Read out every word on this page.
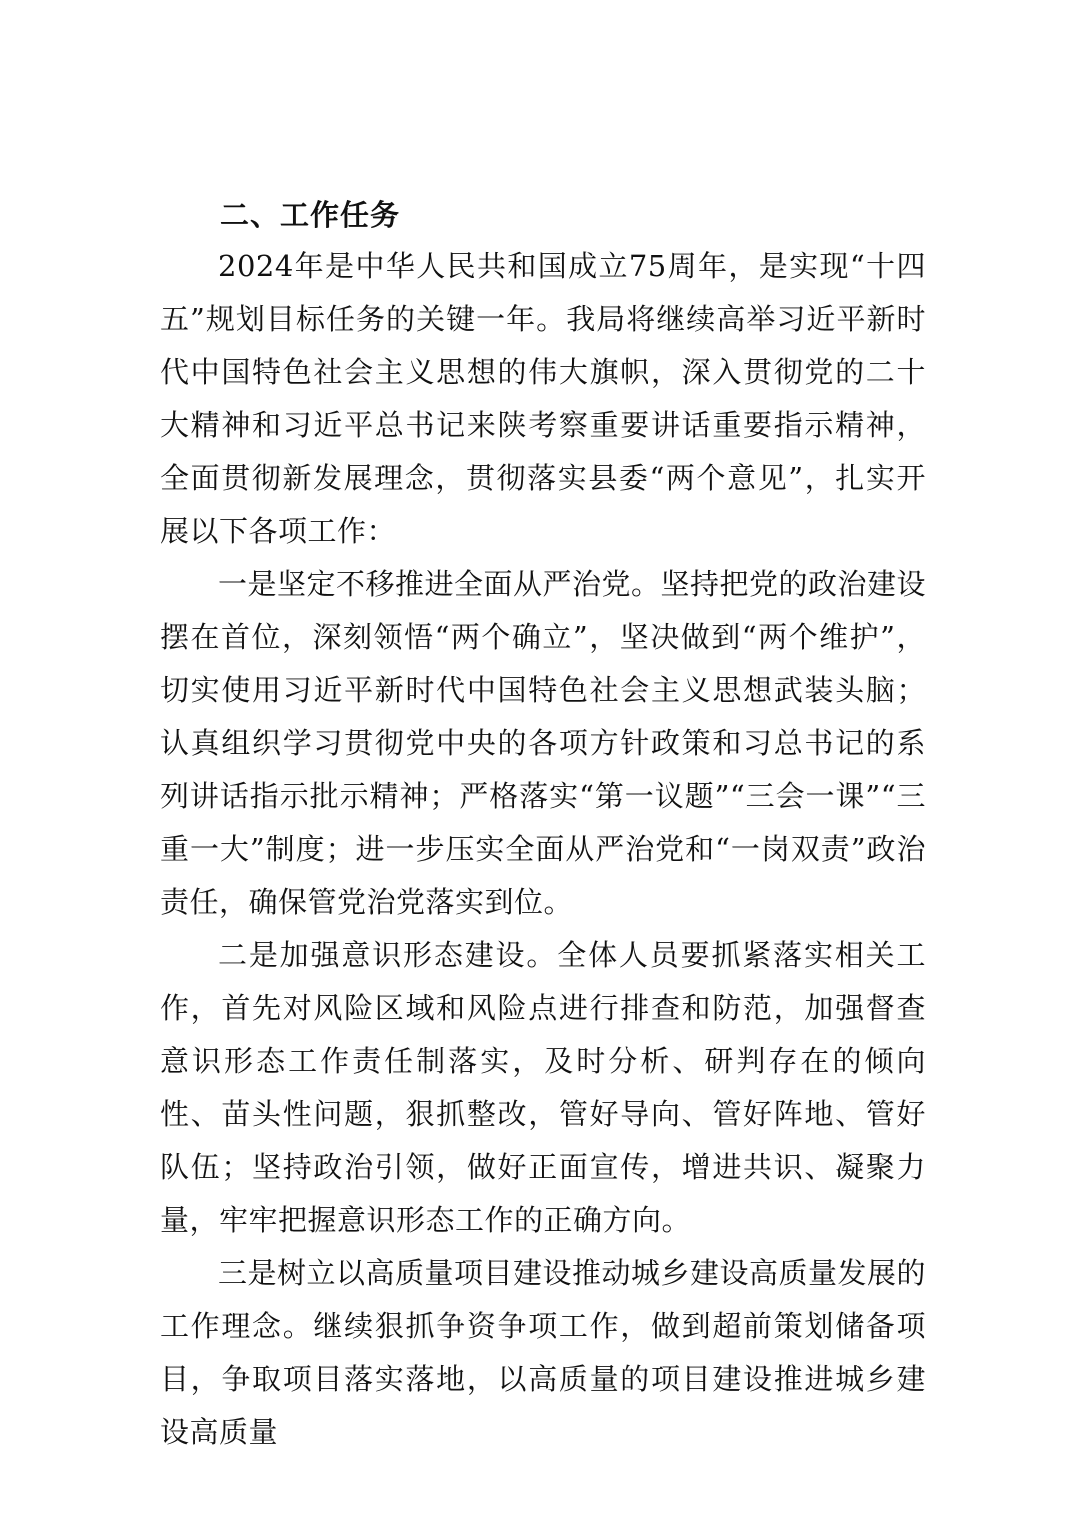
二、工作任务

2024年是中华人民共和国成立75周年，是实现“十四五”规划目标任务的关键一年。我局将继续高举习近平新时代中国特色社会主义思想的伟大旗帜，深入贯彻党的二十大精神和习近平总书记来陕考察重要讲话重要指示精神，全面贯彻新发展理念，贯彻落实县委“两个意见”，扎实开展以下各项工作：

一是坚定不移推进全面从严治党。坚持把党的政治建设摆在首位，深刻领悟“两个确立”，坚决做到“两个维护”，切实使用习近平新时代中国特色社会主义思想武装头脑；认真组织学习贯彻党中央的各项方针政策和习总书记的系列讲话指示批示精神；严格落实“第一议题”“三会一课”“三重一大”制度；进一步压实全面从严治党和“一岗双责”政治责任，确保管党治党落实到位。

二是加强意识形态建设。全体人员要抓紧落实相关工作，首先对风险区域和风险点进行排查和防范，加强督查意识形态工作责任制落实，及时分析、研判存在的倾向性、苗头性问题，狠抓整改，管好导向、管好阵地、管好队伍；坚持政治引领，做好正面宣传，增进共识、凝聚力量，牢牢把握意识形态工作的正确方向。

三是树立以高质量项目建设推动城乡建设高质量发展的工作理念。继续狠抓争资争项工作，做到超前策划储备项目，争取项目落实落地，以高质量的项目建设推进城乡建设高质量
